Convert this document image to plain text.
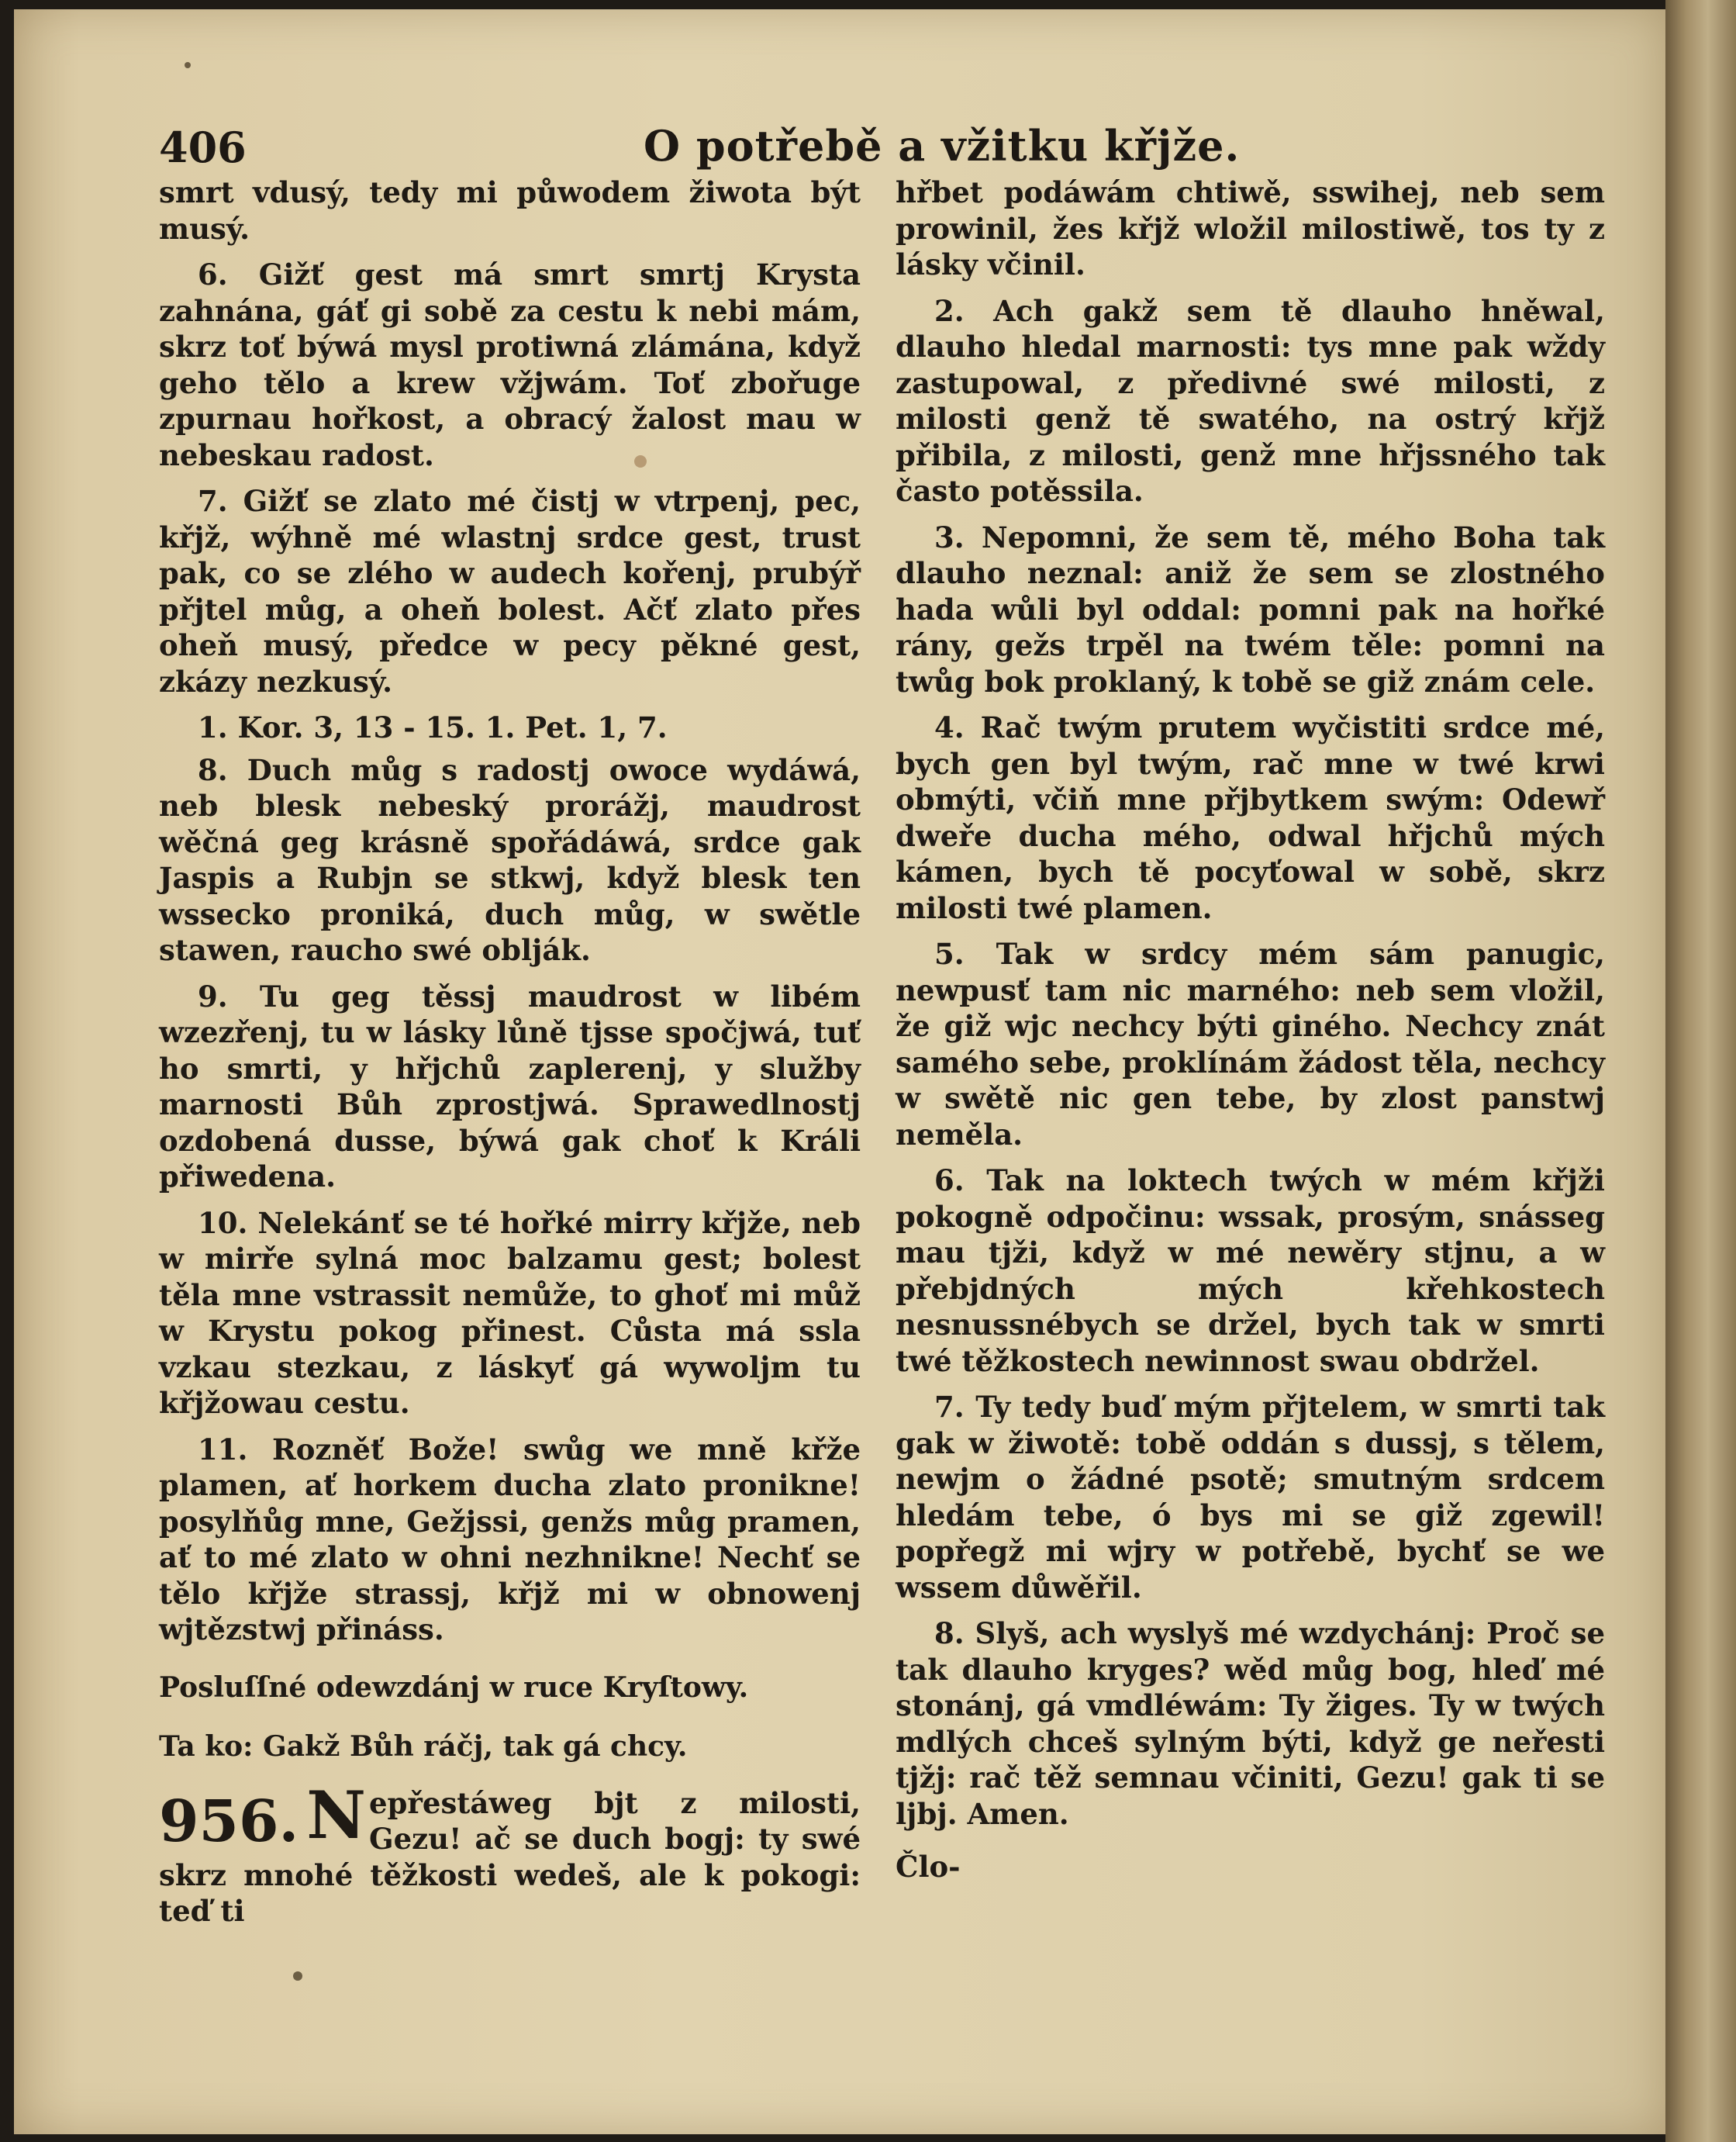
406	O potřebě a vžitku křjže.

smrt vdusý, tedy mi půwodem žiwota být musý.

6. Gižť gest má smrt smrtj Krysta zahnána, gáť gi sobě za cestu k nebi mám, skrz toť býwá mysl protiwná zlámána, když geho tělo a krew vžjwám. Toť zbořuge zpurnau hořkost, a obracý žalost mau w nebeskau radost.

7. Gižť se zlato mé čistj w vtrpenj, pec, křjž, wýhně mé wlastnj srdce gest, trust pak, co se zlého w audech kořenj, prubýř přjtel můg, a oheň bolest. Ačť zlato přes oheň musý, předce w pecy pěkné gest, zkázy nezkusý.

1. Kor. 3, 13 - 15. 1. Pet. 1, 7.

8. Duch můg s radostj owoce wydáwá, neb blesk nebeský prorážj, maudrost wěčná geg krásně spořádáwá, srdce gak Jaspis a Rubjn se stkwj, když blesk ten wssecko proniká, duch můg, w swětle stawen, raucho swé oblják.

9. Tu geg těssj maudrost w libém wzezřenj, tu w lásky lůně tjsse spočjwá, tuť ho smrti, y hřjchů zaplerenj, y služby marnosti Bůh zprostjwá. Sprawedlnostj ozdobená dusse, býwá gak choť k Králi přiwedena.

10. Nelekánť se té hořké mirry křjže, neb w mirře sylná moc balzamu gest; bolest těla mne vstrassit nemůže, to ghoť mi můž w Krystu pokog přinest. Cůsta má ssla vzkau stezkau, z láskyť gá wywoljm tu křjžowau cestu.

11. Rozněť Bože! swůg we mně křže plamen, ať horkem ducha zlato pronikne! posylňůg mne, Gežjssi, genžs můg pramen, ať to mé zlato w ohni nezhnikne! Nechť se tělo křjže strassj, křjž mi w obnowenj wjtězstwj přináss.

Posluſſné odewzdánj w ruce Kryſtowy.

Ta ko: Gakž Bůh ráčj, tak gá chcy.

956. N epřestáweg bjt z milosti, Gezu! ač se duch bogj: ty swé skrz mnohé těžkosti wedeš, ale k pokogi: teď ti

hřbet podáwám chtiwě, sswihej, neb sem prowinil, žes křjž wložil milostiwě, tos ty z lásky včinil.

2. Ach gakž sem tě dlauho hněwal, dlauho hledal marnosti: tys mne pak wždy zastupowal, z předivné swé milosti, z milosti genž tě swatého, na ostrý křjž přibila, z milosti, genž mne hřjssného tak často potěssila.

3. Nepomni, že sem tě, mého Boha tak dlauho neznal: aniž že sem se zlostného hada wůli byl oddal: pomni pak na hořké rány, gežs trpěl na twém těle: pomni na twůg bok proklaný, k tobě se giž znám cele.

4. Rač twým prutem wyčistiti srdce mé, bych gen byl twým, rač mne w twé krwi obmýti, včiň mne přjbytkem swým: Odewř dweře ducha mého, odwal hřjchů mých kámen, bych tě pocyťowal w sobě, skrz milosti twé plamen.

5. Tak w srdcy mém sám panugic, newpusť tam nic marného: neb sem vložil, že giž wjc nechcy býti giného. Nechcy znát samého sebe, proklínám žádost těla, nechcy w swětě nic gen tebe, by zlost panstwj neměla.

6. Tak na loktech twých w mém křjži pokogně odpočinu: wssak, prosým, snásseg mau tjži, když w mé newěry stjnu, a w přebjdných mých křehkostech nesnussnébych se držel, bych tak w smrti twé těžkostech newinnost swau obdržel.

7. Ty tedy buď mým přjtelem, w smrti tak gak w žiwotě: tobě oddán s dussj, s tělem, newjm o žádné psotě; smutným srdcem hledám tebe, ó bys mi se giž zgewil! popřegž mi wjry w potřebě, bychť se we wssem důwěřil.

8. Slyš, ach wyslyš mé wzdychánj: Proč se tak dlauho kryges? wěd můg bog, hleď mé stonánj, gá vmdléwám: Ty žiges. Ty w twých mdlých chceš sylným býti, když ge neřesti tjžj: rač těž semnau včiniti, Gezu! gak ti se ljbj. Amen.

Člo-
